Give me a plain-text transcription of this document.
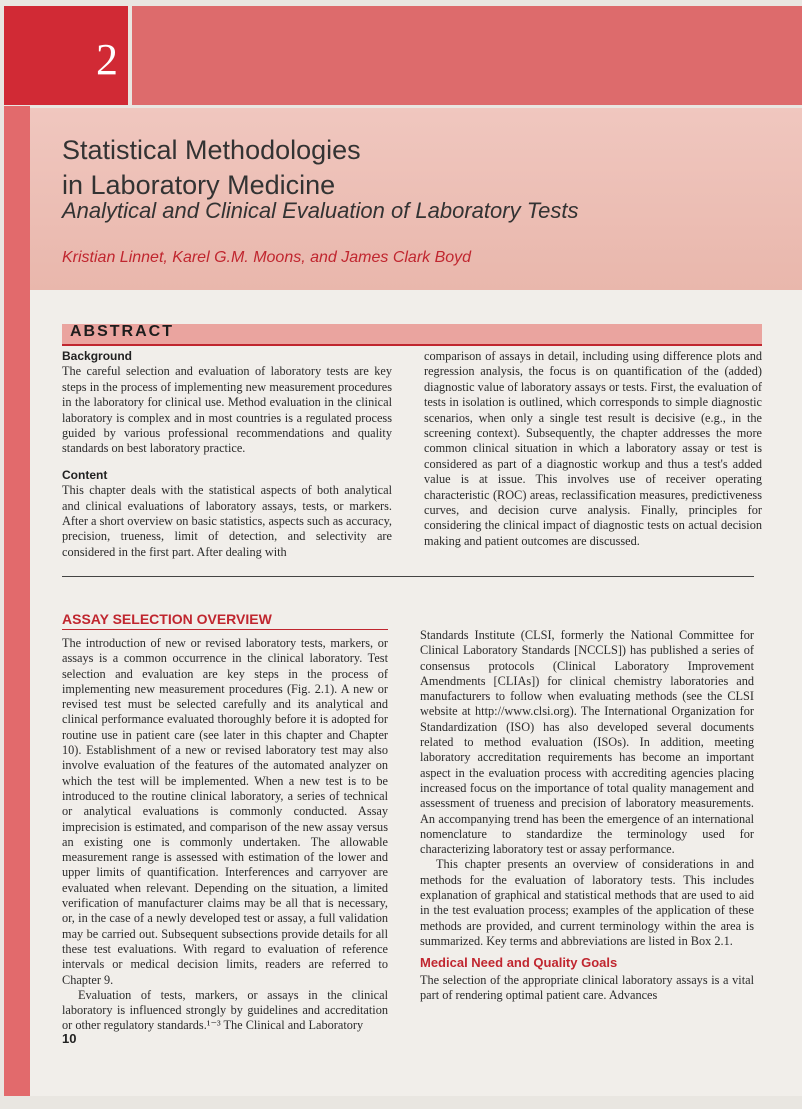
2
Statistical Methodologies
in Laboratory Medicine
Analytical and Clinical Evaluation of Laboratory Tests
Kristian Linnet, Karel G.M. Moons, and James Clark Boyd
ABSTRACT
Background

The careful selection and evaluation of laboratory tests are key steps in the process of implementing new measurement procedures in the laboratory for clinical use. Method evaluation in the clinical laboratory is complex and in most countries is a regulated process guided by various professional recommendations and quality standards on best laboratory practice.

Content

This chapter deals with the statistical aspects of both analytical and clinical evaluations of laboratory assays, tests, or markers. After a short overview on basic statistics, aspects such as accuracy, precision, trueness, limit of detection, and selectivity are considered in the first part. After dealing with

comparison of assays in detail, including using difference plots and regression analysis, the focus is on quantification of the (added) diagnostic value of laboratory assays or tests. First, the evaluation of tests in isolation is outlined, which corresponds to simple diagnostic scenarios, when only a single test result is decisive (e.g., in the screening context). Subsequently, the chapter addresses the more common clinical situation in which a laboratory assay or test is considered as part of a diagnostic workup and thus a test's added value is at issue. This involves use of receiver operating characteristic (ROC) areas, reclassification measures, predictiveness curves, and decision curve analysis. Finally, principles for considering the clinical impact of diagnostic tests on actual decision making and patient outcomes are discussed.

ASSAY SELECTION OVERVIEW

The introduction of new or revised laboratory tests, markers, or assays is a common occurrence in the clinical laboratory. Test selection and evaluation are key steps in the process of implementing new measurement procedures (Fig. 2.1). A new or revised test must be selected carefully and its analytical and clinical performance evaluated thoroughly before it is adopted for routine use in patient care (see later in this chapter and Chapter 10). Establishment of a new or revised laboratory test may also involve evaluation of the features of the automated analyzer on which the test will be implemented. When a new test is to be introduced to the routine clinical laboratory, a series of technical or analytical evaluations is commonly conducted. Assay imprecision is estimated, and comparison of the new assay versus an existing one is commonly undertaken. The allowable measurement range is assessed with estimation of the lower and upper limits of quantification. Interferences and carryover are evaluated when relevant. Depending on the situation, a limited verification of manufacturer claims may be all that is necessary, or, in the case of a newly developed test or assay, a full validation may be carried out. Subsequent subsections provide details for all these test evaluations. With regard to evaluation of reference intervals or medical decision limits, readers are referred to Chapter 9.

Evaluation of tests, markers, or assays in the clinical laboratory is influenced strongly by guidelines and accreditation or other regulatory standards.¹⁻³ The Clinical and Laboratory

Standards Institute (CLSI, formerly the National Committee for Clinical Laboratory Standards [NCCLS]) has published a series of consensus protocols (Clinical Laboratory Improvement Amendments [CLIAs]) for clinical chemistry laboratories and manufacturers to follow when evaluating methods (see the CLSI website at http://www.clsi.org). The International Organization for Standardization (ISO) has also developed several documents related to method evaluation (ISOs). In addition, meeting laboratory accreditation requirements has become an important aspect in the evaluation process with accrediting agencies placing increased focus on the importance of total quality management and assessment of trueness and precision of laboratory measurements. An accompanying trend has been the emergence of an international nomenclature to standardize the terminology used for characterizing laboratory test or assay performance.

This chapter presents an overview of considerations in and methods for the evaluation of laboratory tests. This includes explanation of graphical and statistical methods that are used to aid in the test evaluation process; examples of the application of these methods are provided, and current terminology within the area is summarized. Key terms and abbreviations are listed in Box 2.1.

Medical Need and Quality Goals

The selection of the appropriate clinical laboratory assays is a vital part of rendering optimal patient care. Advances

10
